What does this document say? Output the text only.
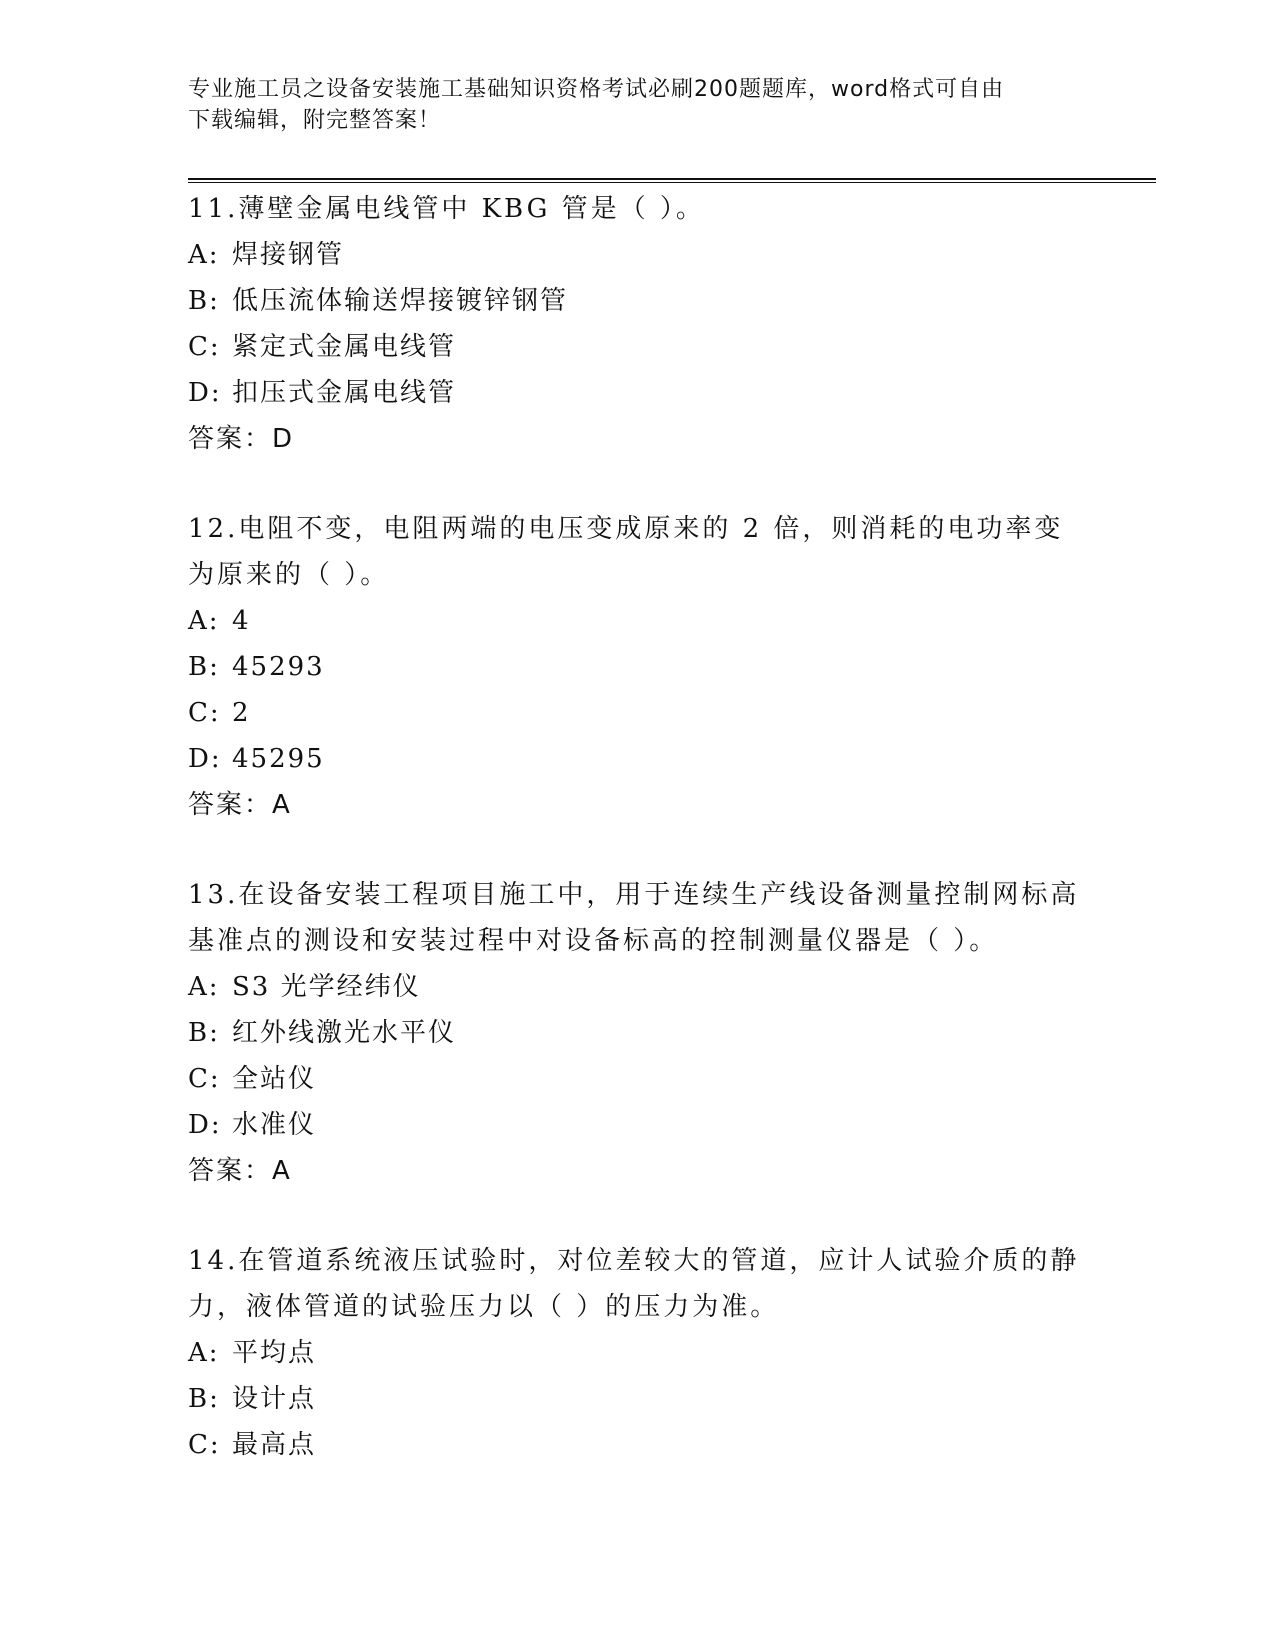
专业施工员之设备安装施工基础知识资格考试必刷200题题库，word格式可自由
下载编辑，附完整答案！
11.薄壁金属电线管中 KBG 管是（ ）。
A: 焊接钢管
B: 低压流体输送焊接镀锌钢管
C: 紧定式金属电线管
D: 扣压式金属电线管
答案：D
12.电阻不变，电阻两端的电压变成原来的 2 倍，则消耗的电功率变为原来的（ ）。
A: 4
B: 45293
C: 2
D: 45295
答案：A
13.在设备安装工程项目施工中，用于连续生产线设备测量控制网标高基准点的测设和安装过程中对设备标高的控制测量仪器是（ ）。
A: S3 光学经纬仪
B: 红外线激光水平仪
C: 全站仪
D: 水准仪
答案：A
14.在管道系统液压试验时，对位差较大的管道，应计人试验介质的静力，液体管道的试验压力以（ ）的压力为准。
A: 平均点
B: 设计点
C: 最高点
